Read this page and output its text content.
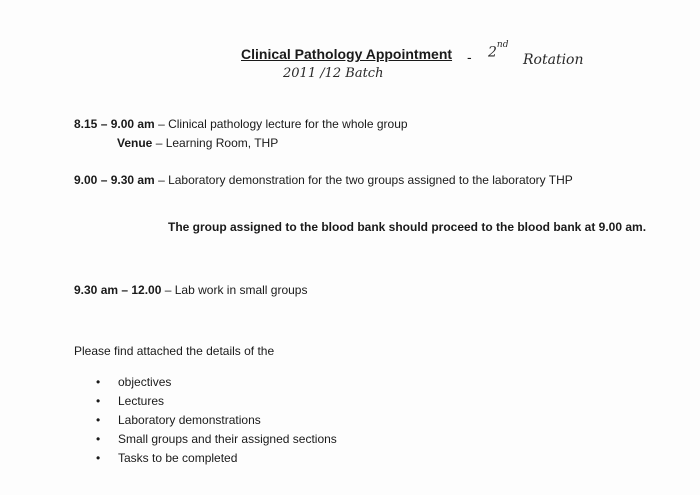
Clinical Pathology Appointment - 2nd
Rotation
2011 /12 Batch
8.15 – 9.00 am – Clinical pathology lecture for the whole group
Venue – Learning Room, THP
9.00 – 9.30 am – Laboratory demonstration for the two groups assigned to the laboratory THP
The group assigned to the blood bank should proceed to the blood bank at 9.00 am.
9.30 am – 12.00 – Lab work in small groups
Please find attached the details of the
•	objectives
•	Lectures
•	Laboratory demonstrations
•	Small groups and their assigned sections
•	Tasks to be completed
